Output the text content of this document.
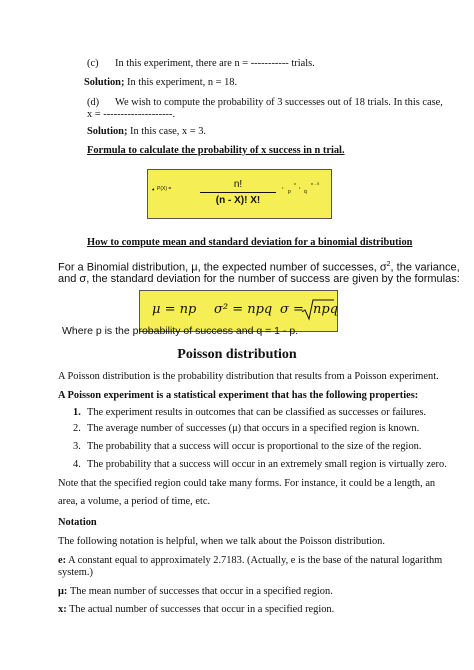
(c) In this experiment, there are n = ----------- trials.
Solution; In this experiment, n = 18.
(d) We wish to compute the probability of 3 successes out of 18 trials. In this case,
x = --------------------.
Solution; In this case, x = 3.
Formula to calculate the probability of x success in n trial.
• P(X) =	n!
(n - X)! X!
•
p
x
•
q
n - X
How to compute mean and standard deviation for a binomial distribution
For a Binomial distribution, μ, the expected number of successes, $\sigma^2$, the variance,
and σ, the standard deviation for the number of success are given by the formulas:
μ = np σ² = npq σ = npq
Where p is the probability of success and q = 1 - p.
Poisson distribution
A Poisson distribution is the probability distribution that results from a Poisson experiment.
A Poisson experiment is a statistical experiment that has the following properties:
1. The experiment results in outcomes that can be classified as successes or failures.
2. The average number of successes (μ) that occurs in a specified region is known.
3. The probability that a success will occur is proportional to the size of the region.
4. The probability that a success will occur in an extremely small region is virtually zero.
Note that the specified region could take many forms. For instance, it could be a length, an
area, a volume, a period of time, etc.
Notation
The following notation is helpful, when we talk about the Poisson distribution.
e: A constant equal to approximately 2.7183. (Actually, e is the base of the natural logarithm
system.)
μ: The mean number of successes that occur in a specified region.
x: The actual number of successes that occur in a specified region.
